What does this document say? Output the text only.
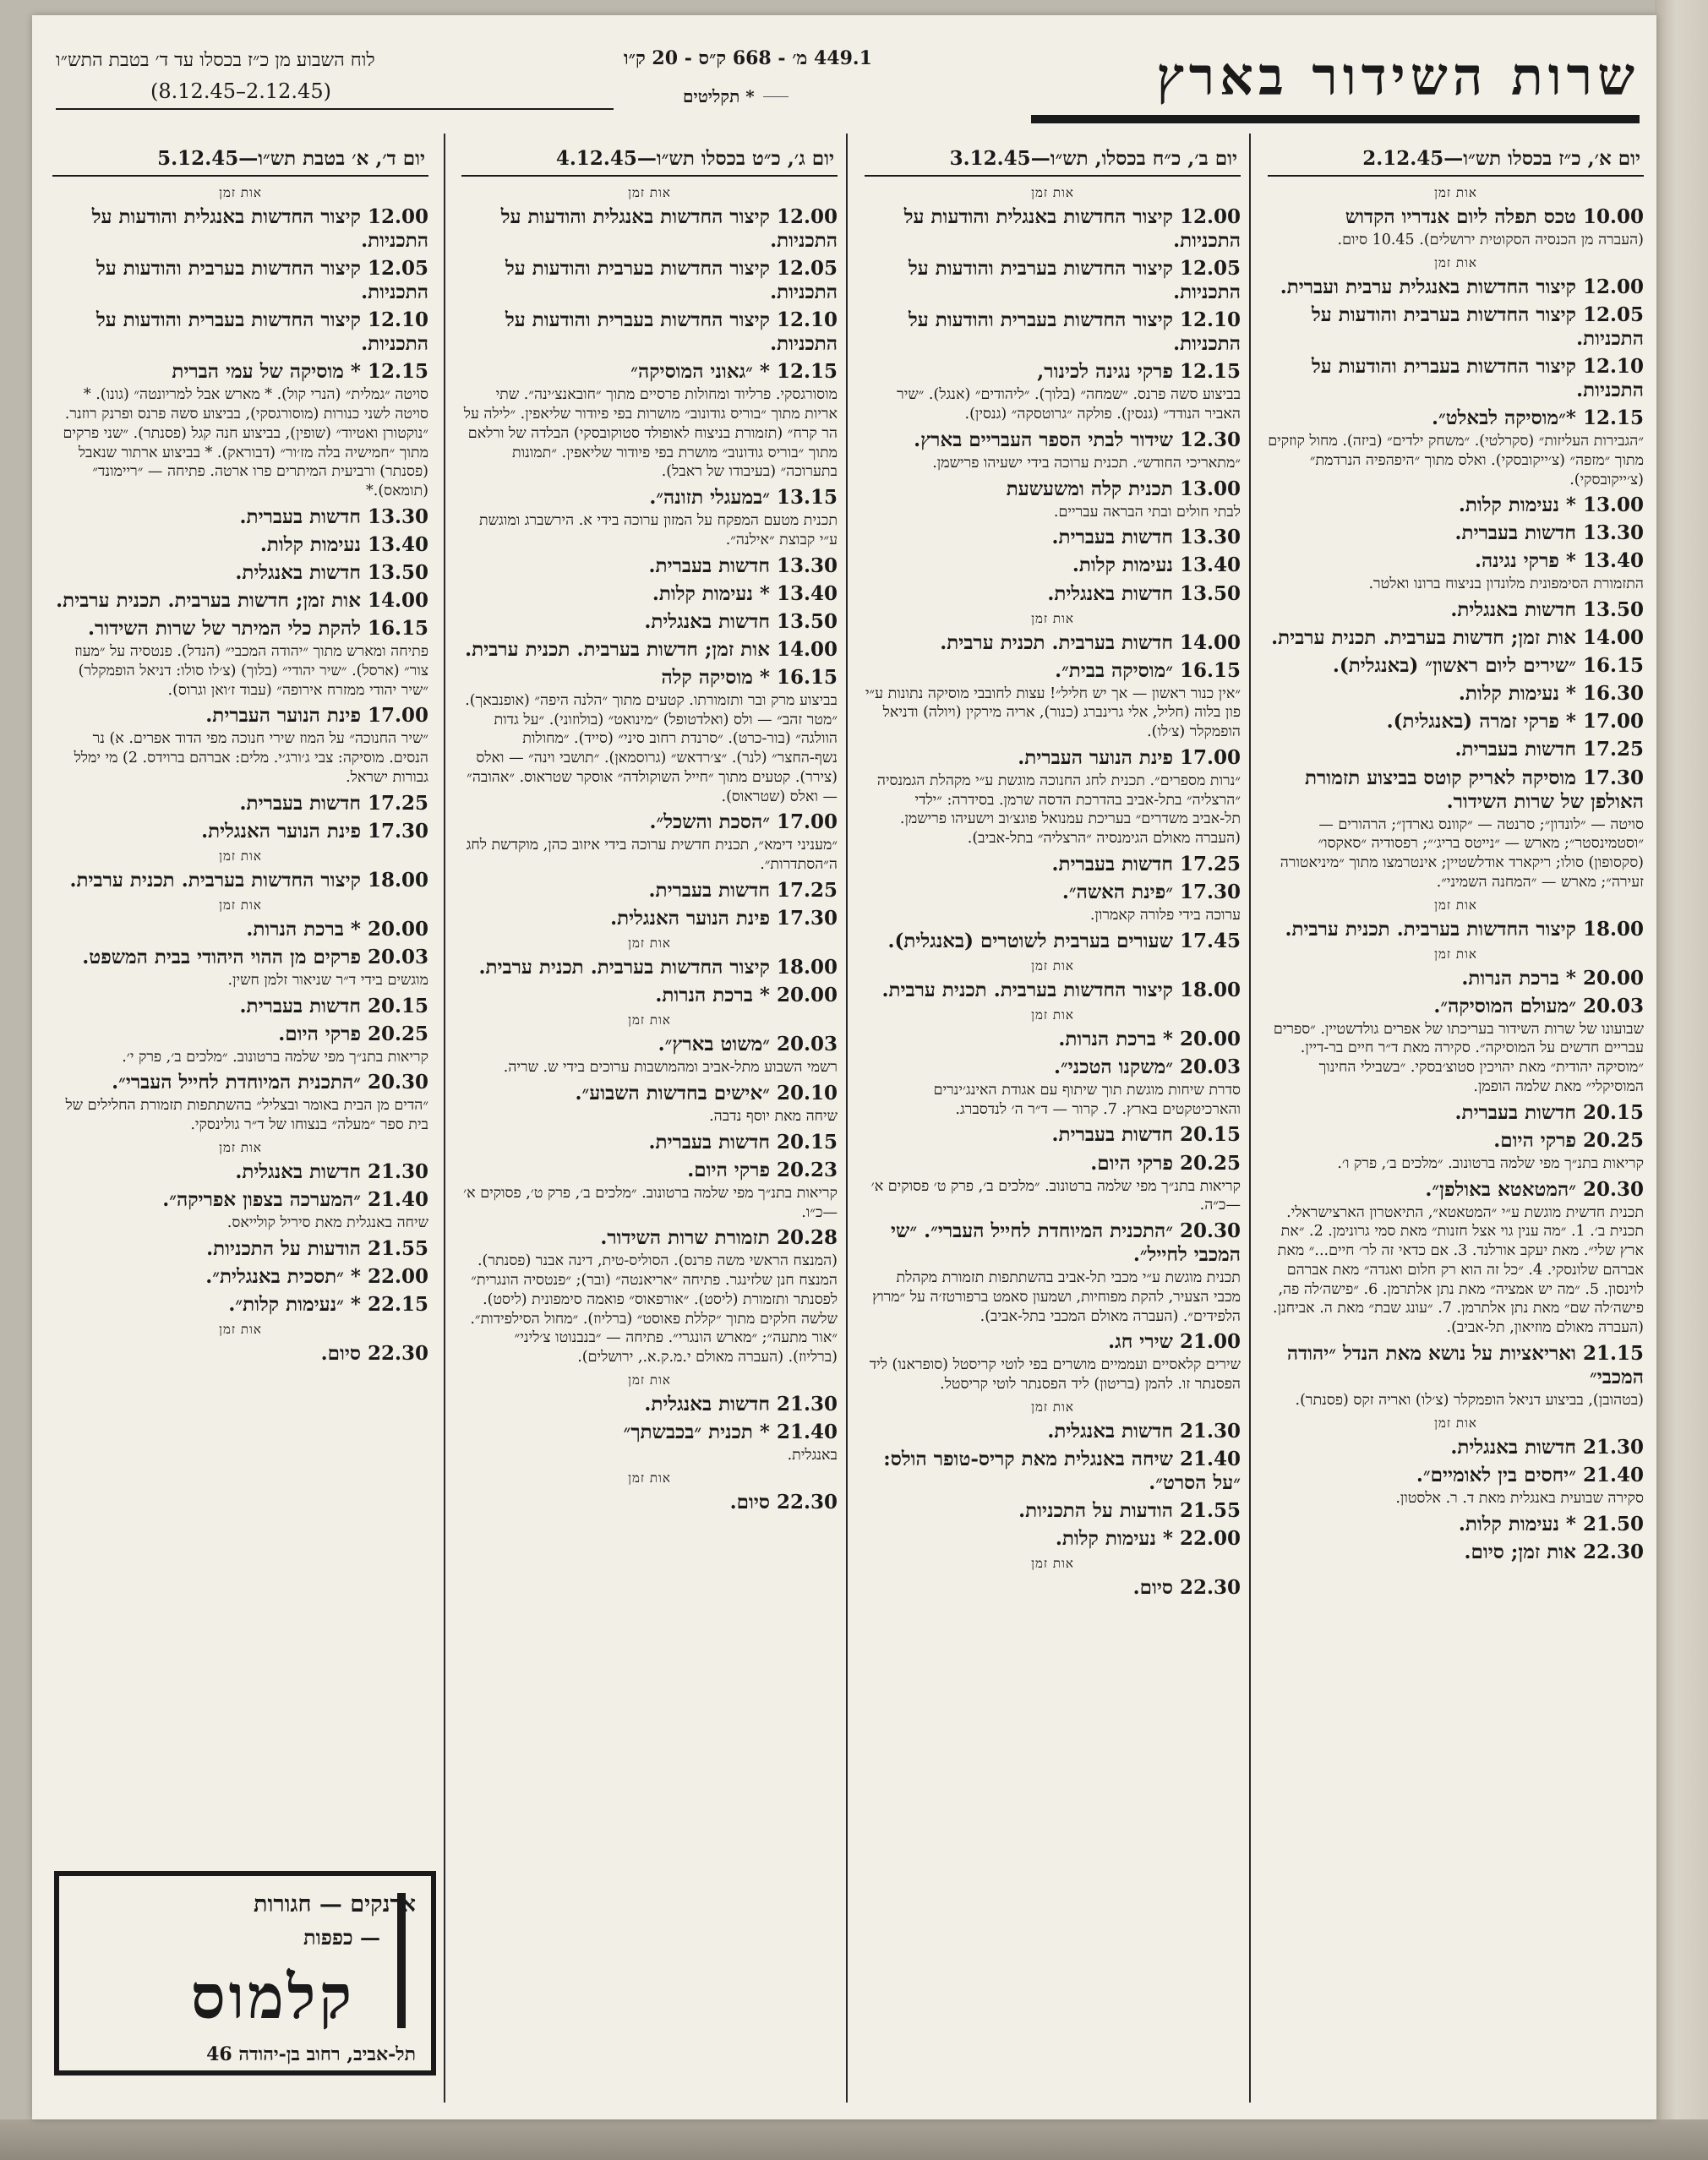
שרות השידור בארץ
449.1 מ׳ - 668 ק״ס - 20 ק״ו
* תקליטים
לוח השבוע מן כ״ז בכסלו עד ד׳ בטבת התש״ו
(2.12.45–8.12.45)
יום א׳, כ״ז בכסלו תש״ו—2.12.45
אות זמן
10.00 טכס תפלה ליום אנדריו הקדוש
(העברה מן הכנסיה הסקוטית ירושלים). 10.45 סיום.
אות זמן
12.00 קיצור החדשות באנגלית ערבית ועברית.
12.05 קיצור החדשות בערבית והודעות על התכניות.
12.10 קיצור החדשות בעברית והודעות על התכניות.
12.15 *״מוסיקה לבאלט״.
״הגבירות העליזות״ (סקרלטי). ״משחק ילדים״ (ביזה). מחול קוזקים מתוך ״מזפה״ (צ׳ייקובסקי). ואלס מתוך ״היפהפיה הנרדמת״ (צ׳ייקובסקי).
13.00 * נעימות קלות.
13.30 חדשות בעברית.
13.40 * פרקי נגינה.
התזמורת הסימפונית מלונדון בניצוח ברונו ואלטר.
13.50 חדשות באנגלית.
14.00 אות זמן; חדשות בערבית. תכנית ערבית.
16.15 ״שירים ליום ראשון״ (באנגלית).
16.30 * נעימות קלות.
17.00 * פרקי זמרה (באנגלית).
17.25 חדשות בעברית.
17.30 מוסיקה לאריק קוטס בביצוע תזמורת האולפן של שרות השידור.
סויטה — ״לונדון״; סרנטה — ״קוונס גארדן״; הרהורים — ״וסטמינסטר״; מארש — ״נייטס בריג׳״; רפסודיה ״סאקסו״ (סקסופון) סולו; ריקארד אודלשטיין; אינטרמצו מתוך ״מיניאטורה זעירה״; מארש — ״המחנה השמיני״.
אות זמן
18.00 קיצור החדשות בערבית. תכנית ערבית.
אות זמן
20.00 * ברכת הנרות.
20.03 ״מעולם המוסיקה״.
שבועונו של שרות השידור בעריכתו של אפרים גולדשטיין. ״ספרים עבריים חדשים על המוסיקה״. סקירה מאת ד״ר חיים בר-דיין. ״מוסיקה יהודית״ מאת יהויכין סטוצ׳בסקי. ״בשבילי החינוך המוסיקלי״ מאת שלמה הופמן.
20.15 חדשות בעברית.
20.25 פרקי היום.
קריאות בתנ״ך מפי שלמה ברטונוב. ״מלכים ב׳, פרק ו׳.
20.30 ״המטאטא באולפן״.
תכנית חדשית מוגשת ע״י ״המטאטא״, התיאטרון הארצישראלי. תכנית ב׳. 1. ״מה ענין גוי אצל חזנות״ מאת סמי גרונימן. 2. ״את ארץ שלי״. מאת יעקב אורלנד. 3. אם כדאי זה לר׳ חיים...״ מאת אברהם שלונסקי. 4. ״כל זה הוא רק חלום ואגדה״ מאת אברהם לוינסון. 5. ״מה יש אמציה״ מאת נתן אלתרמן. 6. ״פישה׳לה פה, פישה׳לה שם״ מאת נתן אלתרמן. 7. ״עונג שבת״ מאת ה. אביחנן. (העברה מאולם מוזיאון, תל-אביב).
21.15 ואריאציות על נושא מאת הנדל ״יהודה המכבי״
(בטהובן), בביצוע דניאל הופמקלר (צ׳לו) ואריה זקס (פסנתר).
אות זמן
21.30 חדשות באנגלית.
21.40 ״יחסים בין לאומיים״.
סקירה שבועית באנגלית מאת ד. ר. אלסטון.
21.50 * נעימות קלות.
22.30 אות זמן; סיום.
יום ב׳, כ״ח בכסלו, תש״ו—3.12.45
אות זמן
12.00 קיצור החדשות באנגלית והודעות על התכניות.
12.05 קיצור החדשות בערבית והודעות על התכניות.
12.10 קיצור החדשות בעברית והודעות על התכניות.
12.15 פרקי נגינה לכינור,
בביצוע סשה פרנס. ״שמחה״ (בלוך). ״ליהודים״ (אנגל). ״שיר האביר הנודד״ (גנסין). פולקה ״גרוטסקה״ (גנסין).
12.30 שידור לבתי הספר העבריים בארץ.
״מתאריכי החודש״. תכנית ערוכה בידי ישעיהו פרישמן.
13.00 תכנית קלה ומשעשעת
לבתי חולים ובתי הבראה עבריים.
13.30 חדשות בעברית.
13.40 נעימות קלות.
13.50 חדשות באנגלית.
אות זמן
14.00 חדשות בערבית. תכנית ערבית.
16.15 ״מוסיקה בבית״.
״אין כנור ראשון — אך יש חליל״! עצות לחובבי מוסיקה נתונות ע״י פון בלוה (חליל, אלי גרינברג (כנור), אריה מירקין (ויולה) ודניאל הופמקלר (צ׳לו).
17.00 פינת הנוער העברית.
״נרות מספרים״. תכנית לחג החנוכה מוגשת ע״י מקהלת הגמנסיה ״הרצליה״ בתל-אביב בהדרכת הדסה שרמן. בסידרה: ״ילדי תל-אביב משדרים״ בעריכת עמנואל פוגצ׳וב וישעיהו פרישמן. (העברה מאולם הגימנסיה ״הרצליה״ בתל-אביב).
17.25 חדשות בעברית.
17.30 ״פינת האשה״.
ערוכה בידי פלורה קאמרון.
17.45 שעורים בערבית לשוטרים (באנגלית).
אות זמן
18.00 קיצור החדשות בערבית. תכנית ערבית.
אות זמן
20.00 * ברכת הנרות.
20.03 ״משקנו הטכני״.
סדרת שיחות מוגשת תוך שיתוף עם אגודת האינג׳ינרים והארכיטקטים בארץ. 7. קרור — ד״ר ה׳ לנדסברג.
20.15 חדשות בעברית.
20.25 פרקי היום.
קריאות בתנ״ך מפי שלמה ברטונוב. ״מלכים ב׳, פרק ט׳ פסוקים א׳—כ״ה.
20.30 ״התכנית המיוחדת לחייל העברי״. ״שי המכבי לחייל״.
תכנית מוגשת ע״י מכבי תל-אביב בהשתתפות תזמורת מקהלת מכבי הצעיר, להקת מפוחיות, ושמעון סאמט ברפורטז׳ה על ״מרוץ הלפידים״. (העברה מאולם המכבי בתל-אביב).
21.00 שירי חג.
שירים קלאסיים ועממיים מושרים בפי לוטי קריסטל (סופראנו) ליד הפסנתר זו. להמן (בריטון) ליד הפסנתר לוטי קריסטל.
אות זמן
21.30 חדשות באנגלית.
21.40 שיחה באנגלית מאת קריס-טופר הולס: ״על הסרט״.
21.55 הודעות על התכניות.
22.00 * נעימות קלות.
אות זמן
22.30 סיום.
יום ג׳, כ״ט בכסלו תש״ו—4.12.45
אות זמן
12.00 קיצור החדשות באנגלית והודעות על התכניות.
12.05 קיצור החדשות בערבית והודעות על התכניות.
12.10 קיצור החדשות בעברית והודעות על התכניות.
12.15 * ״גאוני המוסיקה״
מוסורגסקי. פרליוד ומחולות פרסיים מתוך ״חובאנצ׳ינה״. שתי אריות מתוך ״בוריס גודונוב״ מושרות בפי פיודור שליאפין. ״לילה על הר קרח״ (תזמורת בניצוח לאופולד סטוקובסקי) הבלדה של ורלאם מתוך ״בוריס גודונוב״ מושרת בפי פיודור שליאפין. ״תמונות בתערוכה״ (בעיבודו של ראבל).
13.15 ״במעגלי תזונה״.
תכנית מטעם המפקח על המזון ערוכה בידי א. הירשברג ומוגשת ע״י קבוצת ״אילנה״.
13.30 חדשות בעברית.
13.40 * נעימות קלות.
13.50 חדשות באנגלית.
14.00 אות זמן; חדשות בערבית. תכנית ערבית.
16.15 * מוסיקה קלה
בביצוע מרק ובר ותזמורתו. קטעים מתוך ״הלנה היפה״ (אופנבאך). ״מטר זהב״ — ולס (ואלדטופל) ״מינואט״ (בולוזוני). ״על גדות הוולגה״ (בור-כרט). ״סרנדת רחוב סיני״ (סייד). ״מחולות נשף-החצר״ (לנר). ״צ׳רדאש״ (גרוסמאן). ״תושבי וינה״ — ואלס (צירר). קטעים מתוך ״חייל השוקולדה״ אוסקר שטראוס. ״אהובה״ — ואלס (שטראוס).
17.00 ״הסכת והשכל״.
״מעניני דימא״, תכנית חדשית ערוכה בידי איזוב כהן, מוקדשת לחג ה״הסתדרות״.
17.25 חדשות בעברית.
17.30 פינת הנוער האנגלית.
אות זמן
18.00 קיצור החדשות בערבית. תכנית ערבית.
20.00 * ברכת הנרות.
אות זמן
20.03 ״משוט בארץ״.
רשמי השבוע מתל-אביב ומהמושבות ערוכים בידי ש. שריה.
20.10 ״אישים בחדשות השבוע״.
שיחה מאת יוסף נדבה.
20.15 חדשות בעברית.
20.23 פרקי היום.
קריאות בתנ״ך מפי שלמה ברטונוב. ״מלכים ב׳, פרק ט׳, פסוקים א׳—כ״ו.
20.28 תזמורת שרות השידור.
(המנצח הראשי משה פרנס). הסוליס-טית, דינה אבנר (פסנתר). המנצח חנן שלזינגר. פתיחה ״אריאנטה״ (ובר); ״פנטסיה הונגרית״ לפסנתר ותזמורת (ליסט). ״אורפאוס״ פואמה סימפונית (ליסט). שלשה חלקים מתוך ״קללת פאוסט״ (ברליוז). ״מחול הסילפידות״. ״אור מתעה״; ״מארש הונגרי״. פתיחה — ״בנבנוטו צ׳ליני״ (ברליוז). (העברה מאולם י.מ.ק.א., ירושלים).
אות זמן
21.30 חדשות באנגלית.
21.40 * תכנית ״בכבשתך״
באנגלית.
אות זמן
22.30 סיום.
יום ד׳, א׳ בטבת תש״ו—5.12.45
אות זמן
12.00 קיצור החדשות באנגלית והודעות על התכניות.
12.05 קיצור החדשות בערבית והודעות על התכניות.
12.10 קיצור החדשות בעברית והודעות על התכניות.
12.15 * מוסיקה של עמי הברית
סויטה ״גמלית״ (הנרי קול). * מארש אבל למריונטה״ (גונו). * סויטה לשני כנורות (מוסורגסקי), בביצוע סשה פרנס ופרנק רוזנר. ״נוקטורן ואטיוד״ (שופין), בביצוע חנה קגל (פסנתר). ״שני פרקים מתוך ״חמישיה בלה מז׳ור״ (דבוראק). * בביצוע ארתור שנאבל (פסנתר) ורביעית המיתרים פרו ארטה. פתיחה — ״ריימונד״ (תומאס).*
13.30 חדשות בעברית.
13.40 נעימות קלות.
13.50 חדשות באנגלית.
14.00 אות זמן; חדשות בערבית. תכנית ערבית.
16.15 להקת כלי המיתר של שרות השידור.
פתיחה ומארש מתוך ״יהודה המכבי״ (הנדל). פנטסיה על ״מעוז צור״ (ארסל). ״שיר יהודי״ (בלוך) (צ׳לו סולו: דניאל הופמקלר) ״שיר יהודי ממזרח אירופה״ (עבוד ז׳ואן וגרוס).
17.00 פינת הנוער העברית.
״שיר החנוכה״ על המוז שירי חנוכה מפי הדוד אפרים. א) נר הנסים. מוסיקה: צבי ג׳ורג׳י. מלים: אברהם ברוידס. 2) מי ימלל גבורות ישראל.
17.25 חדשות בעברית.
17.30 פינת הנוער האנגלית.
אות זמן
18.00 קיצור החדשות בערבית. תכנית ערבית.
אות זמן
20.00 * ברכת הנרות.
20.03 פרקים מן ההוי היהודי בבית המשפט.
מוגשים בידי ד״ר שניאור זלמן חשין.
20.15 חדשות בעברית.
20.25 פרקי היום.
קריאות בתנ״ך מפי שלמה ברטונוב. ״מלכים ב׳, פרק י׳.
20.30 ״התכנית המיוחדת לחייל העברי״.
״הדים מן הבית באומר ובצליל״ בהשתתפות תזמורת החלילים של בית ספר ״מעלה״ בנצוחו של ד״ר גולינסקי.
אות זמן
21.30 חדשות באנגלית.
21.40 ״המערכה בצפון אפריקה״.
שיחה באנגלית מאת סיריל קולייאס.
21.55 הודעות על התכניות.
22.00 * ״תסכית באנגלית״.
22.15 * ״נעימות קלות״.
אות זמן
22.30 סיום.
ארנקים — חגורות
— כפפות
קלמוס
תל-אביב, רחוב בן-יהודה 46
